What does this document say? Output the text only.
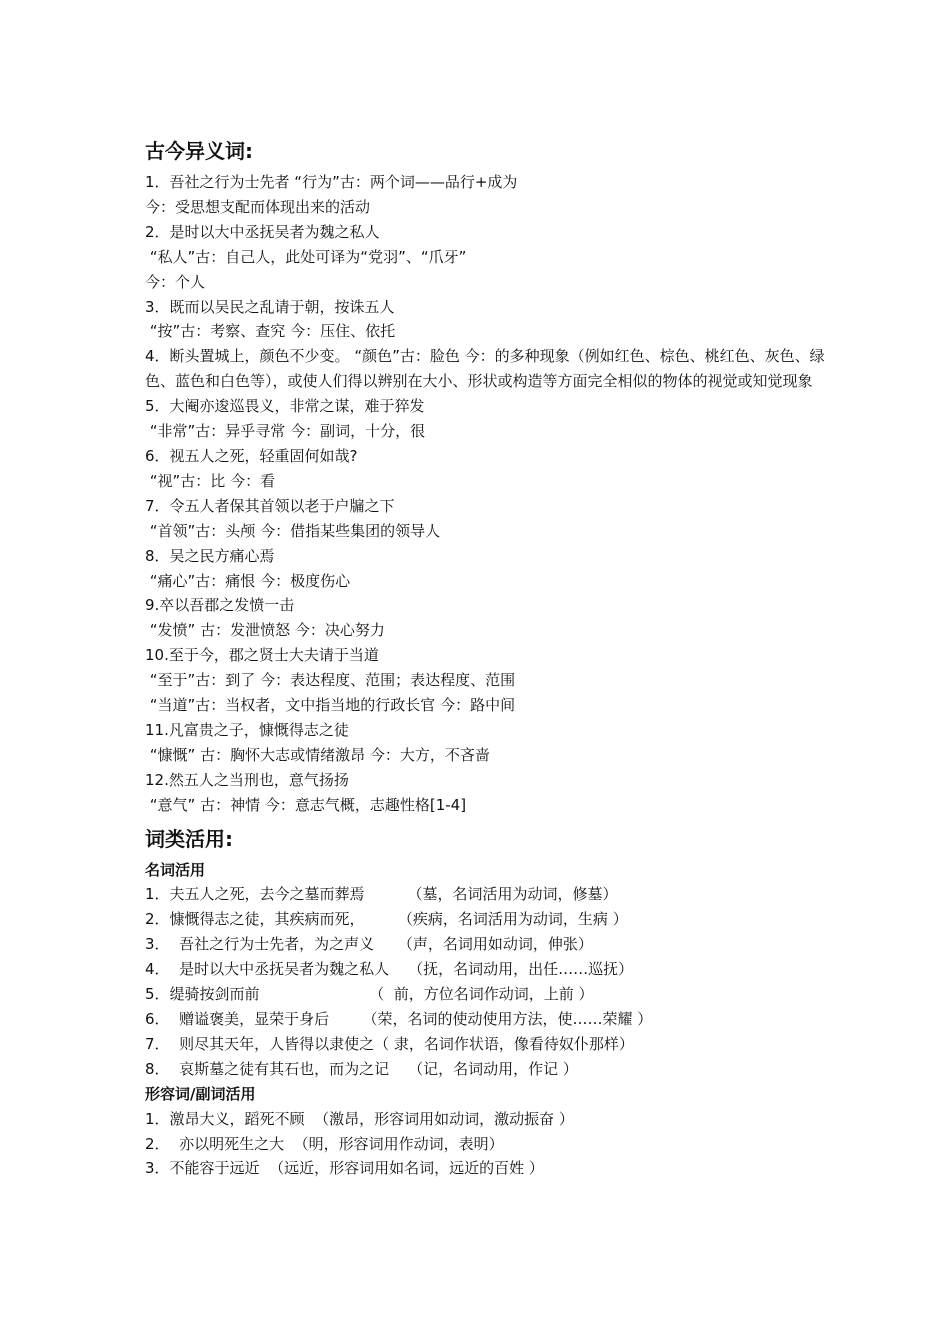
古今异义词:
1．吾社之行为士先者 “行为”古：两个词——品行+成为
今：受思想支配而体现出来的活动
2．是时以大中丞抚吴者为魏之私人
“私人”古：自己人，此处可译为“党羽”、“爪牙”
今：个人
3．既而以吴民之乱请于朝，按诛五人
“按”古：考察、查究 今：压住、依托
4．断头置城上，颜色不少变。 “颜色”古：脸色 今：的多种现象（例如红色、棕色、桃红色、灰色、绿色、蓝色和白色等），或使人们得以辨别在大小、形状或构造等方面完全相似的物体的视觉或知觉现象
5．大阉亦逡巡畏义，非常之谋，难于猝发
“非常”古：异乎寻常 今：副词，十分，很
6．视五人之死，轻重固何如哉?
“视”古：比 今：看
7．令五人者保其首领以老于户牖之下
“首领”古：头颅 今：借指某些集团的领导人
8．吴之民方痛心焉
“痛心”古：痛恨 今：极度伤心
9.卒以吾郡之发愤一击
“发愤” 古：发泄愤怒 今：决心努力
10.至于今，郡之贤士大夫请于当道
“至于”古：到了 今：表达程度、范围；表达程度、范围
“当道”古：当权者，文中指当地的行政长官 今：路中间
11.凡富贵之子，慷慨得志之徒
“慷慨” 古：胸怀大志或情绪激昂 今：大方，不吝啬
12.然五人之当刑也，意气扬扬
“意气” 古：神情 今：意志气概，志趣性格[1-4]
词类活用:
名词活用
1．夫五人之死，去今之墓而葬焉         （墓，名词活用为动词，修墓）
2．慷慨得志之徒，其疾病而死，       （疾病，名词活用为动词，生病 ）
3．  吾社之行为士先者，为之声义     （声，名词用如动词，伸张）
4．  是时以大中丞抚吴者为魏之私人    （抚，名词动用，出任……巡抚）
5．缇骑按剑而前                       （  前，方位名词作动词，上前 ）
6．  赠谥褒美，显荣于身后       （荣，名词的使动使用方法，使……荣耀 ）
7．  则尽其天年，人皆得以隶使之（ 隶，名词作状语，像看待奴仆那样）
8．  哀斯墓之徒有其石也，而为之记    （记，名词动用，作记 ）
形容词/副词活用
1．激昂大义，蹈死不顾  （激昂，形容词用如动词，激动振奋 ）
2．  亦以明死生之大  （明，形容词用作动词，表明）
3．不能容于远近  （远近，形容词用如名词，远近的百姓 ）
